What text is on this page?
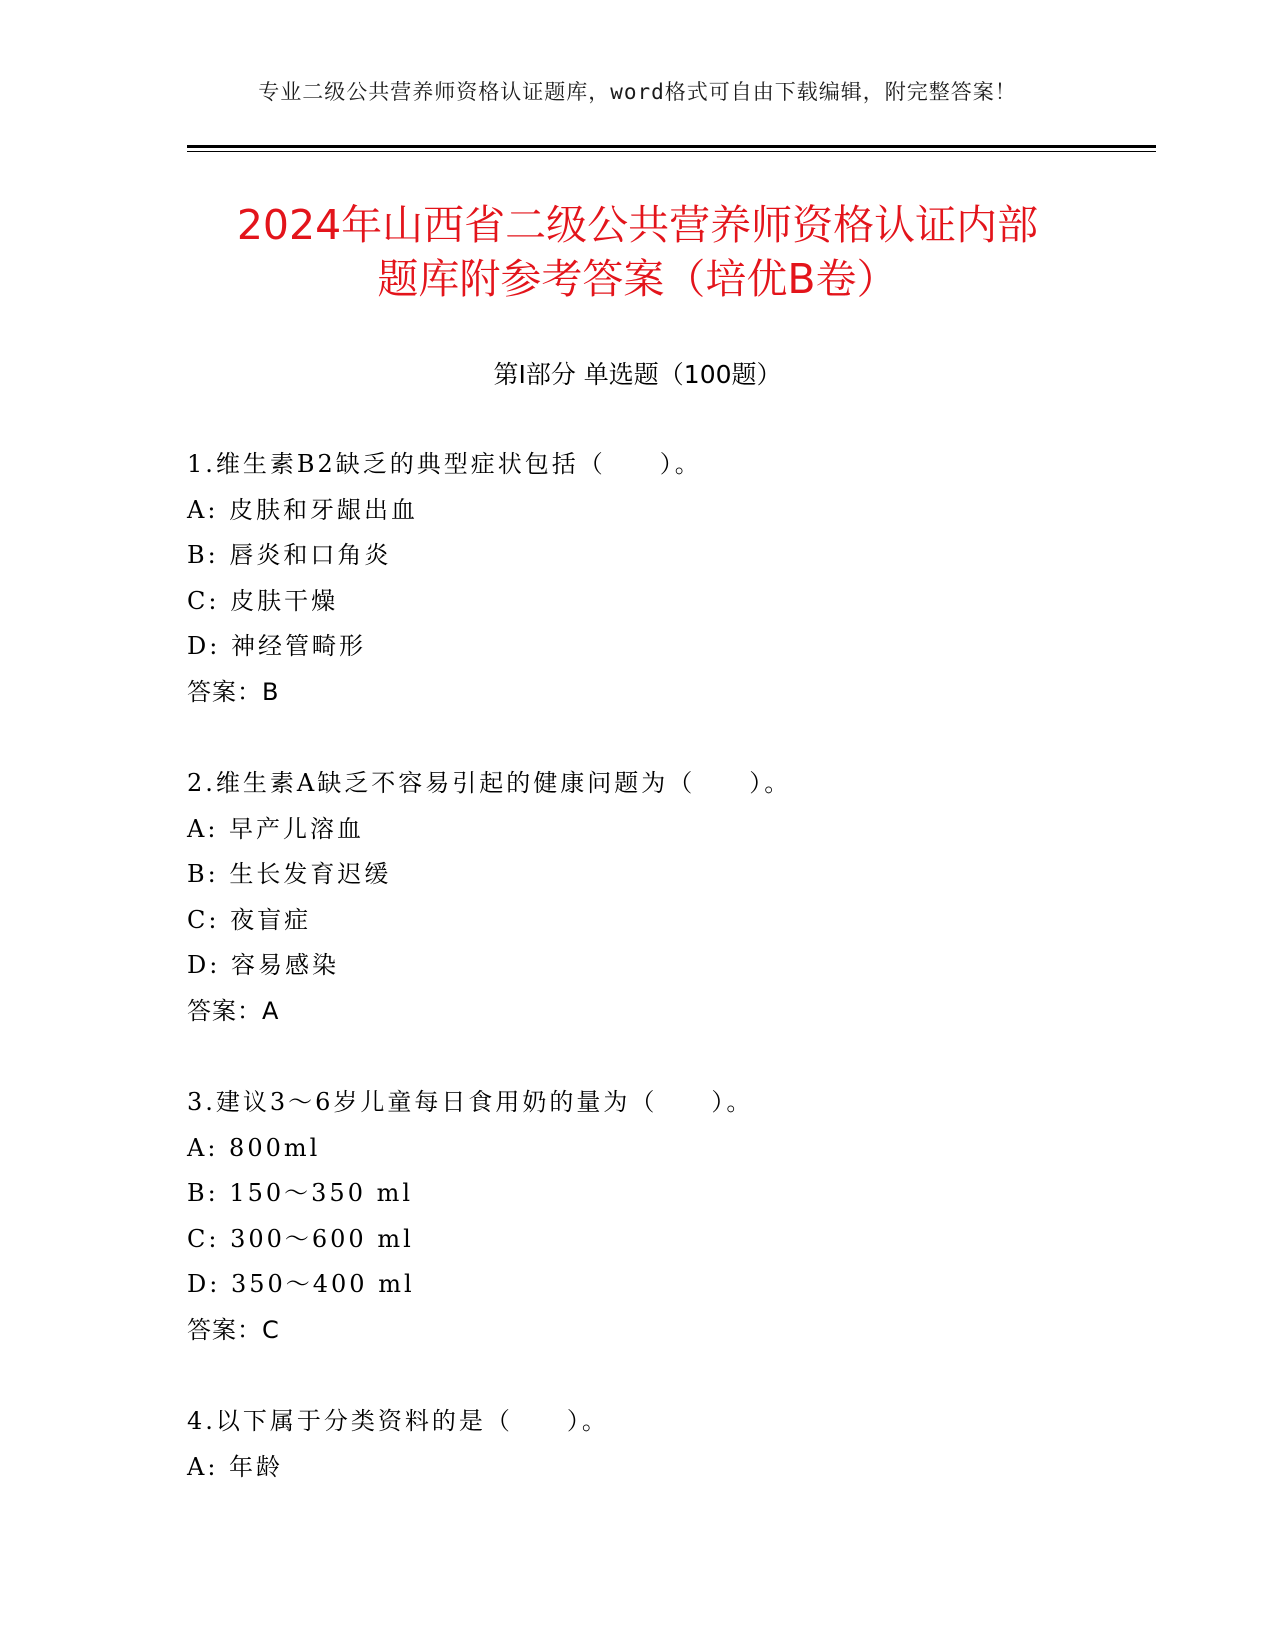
专业二级公共营养师资格认证题库，word格式可自由下载编辑，附完整答案！
2024年山西省二级公共营养师资格认证内部
题库附参考答案（培优B卷）
第Ⅰ部分 单选题（100题）
1.维生素B2缺乏的典型症状包括（　　）。
A: 皮肤和牙龈出血
B: 唇炎和口角炎
C: 皮肤干燥
D: 神经管畸形
答案：B
2.维生素A缺乏不容易引起的健康问题为（　　）。
A: 早产儿溶血
B: 生长发育迟缓
C: 夜盲症
D: 容易感染
答案：A
3.建议3～6岁儿童每日食用奶的量为（　　）。
A: 800ml
B: 150～350 ml
C: 300～600 ml
D: 350～400 ml
答案：C
4.以下属于分类资料的是（　　）。
A: 年龄
